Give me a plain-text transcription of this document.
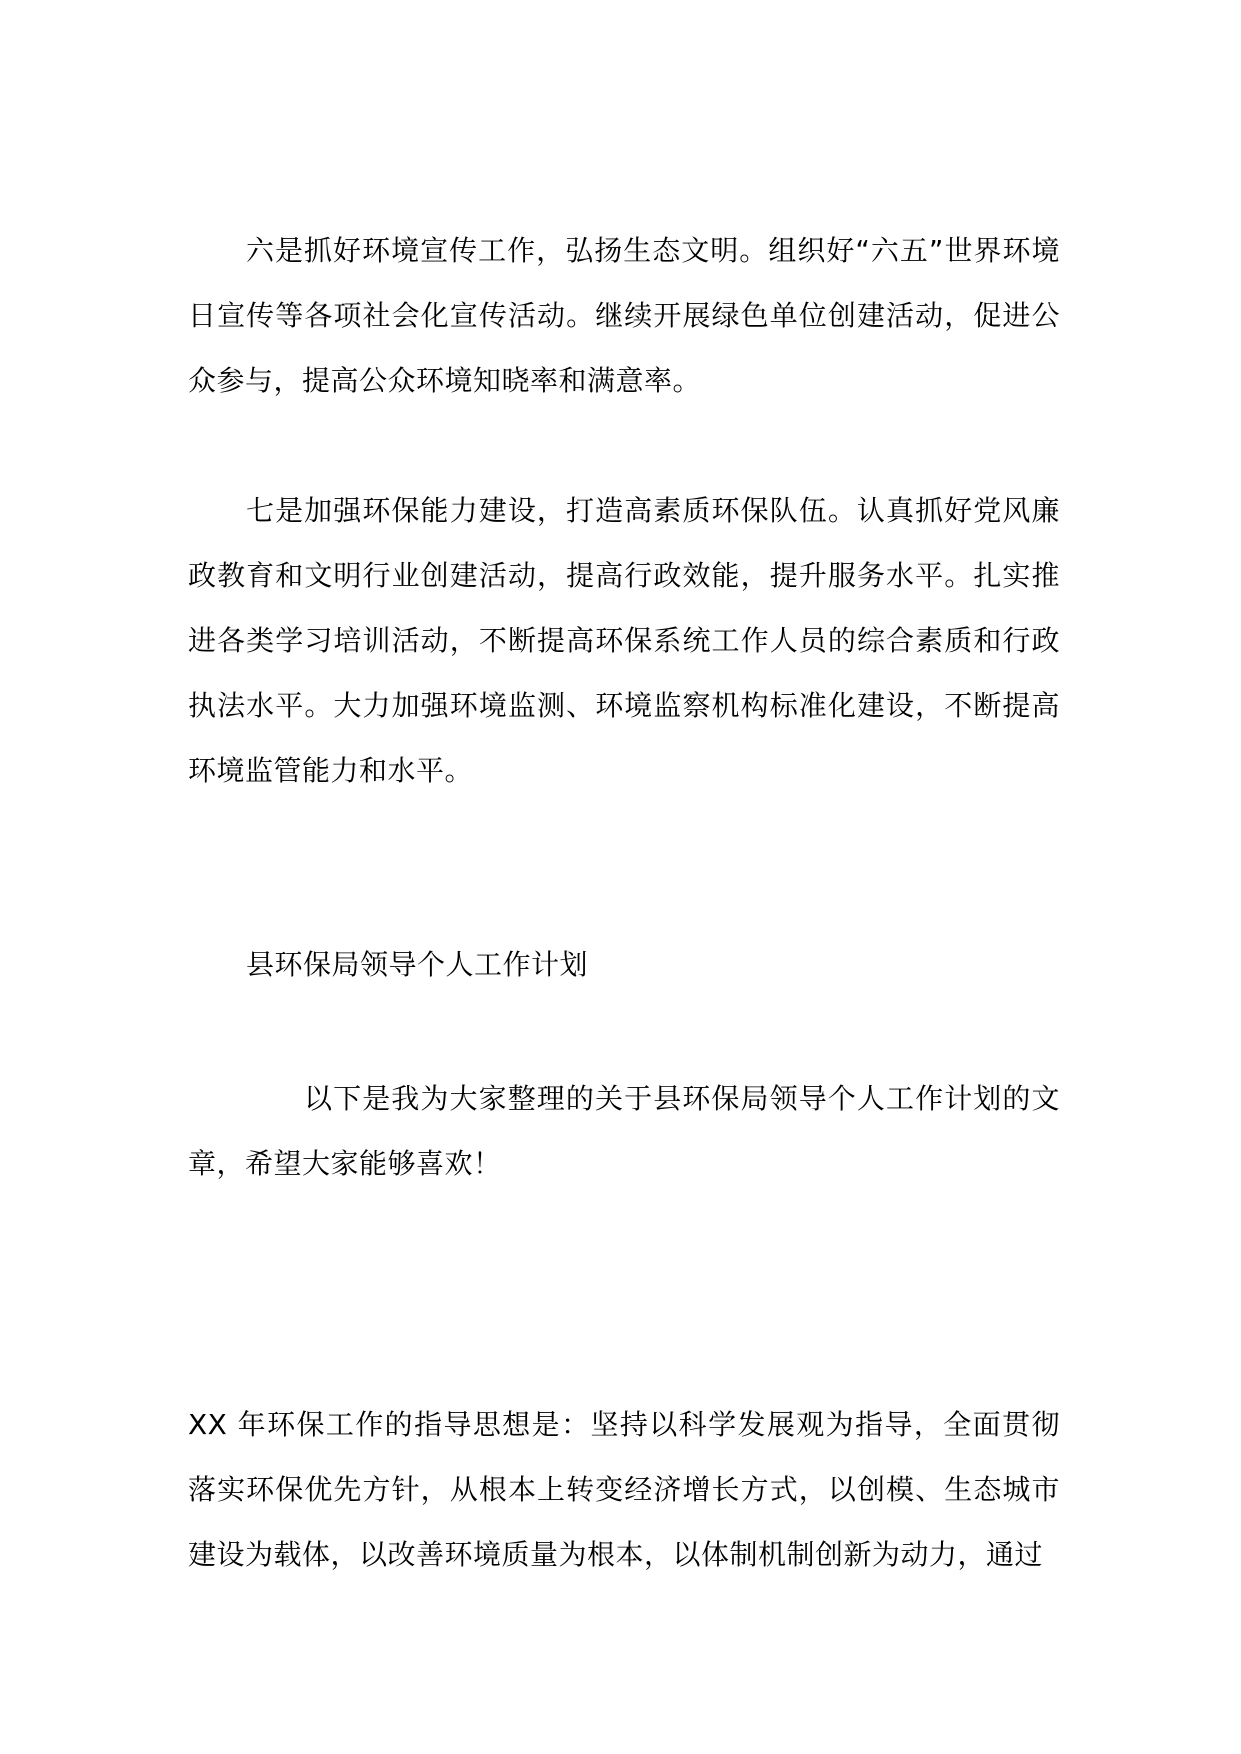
六是抓好环境宣传工作，弘扬生态文明。组织好“六五”世界环境日宣传等各项社会化宣传活动。继续开展绿色单位创建活动，促进公众参与，提高公众环境知晓率和满意率。

七是加强环保能力建设，打造高素质环保队伍。认真抓好党风廉政教育和文明行业创建活动，提高行政效能，提升服务水平。扎实推进各类学习培训活动，不断提高环保系统工作人员的综合素质和行政执法水平。大力加强环境监测、环境监察机构标准化建设，不断提高环境监管能力和水平。

县环保局领导个人工作计划

以下是我为大家整理的关于县环保局领导个人工作计划的文章，希望大家能够喜欢！

XX 年环保工作的指导思想是：坚持以科学发展观为指导，全面贯彻落实环保优先方针，从根本上转变经济增长方式，以创模、生态城市建设为载体，以改善环境质量为根本，以体制机制创新为动力，通过
